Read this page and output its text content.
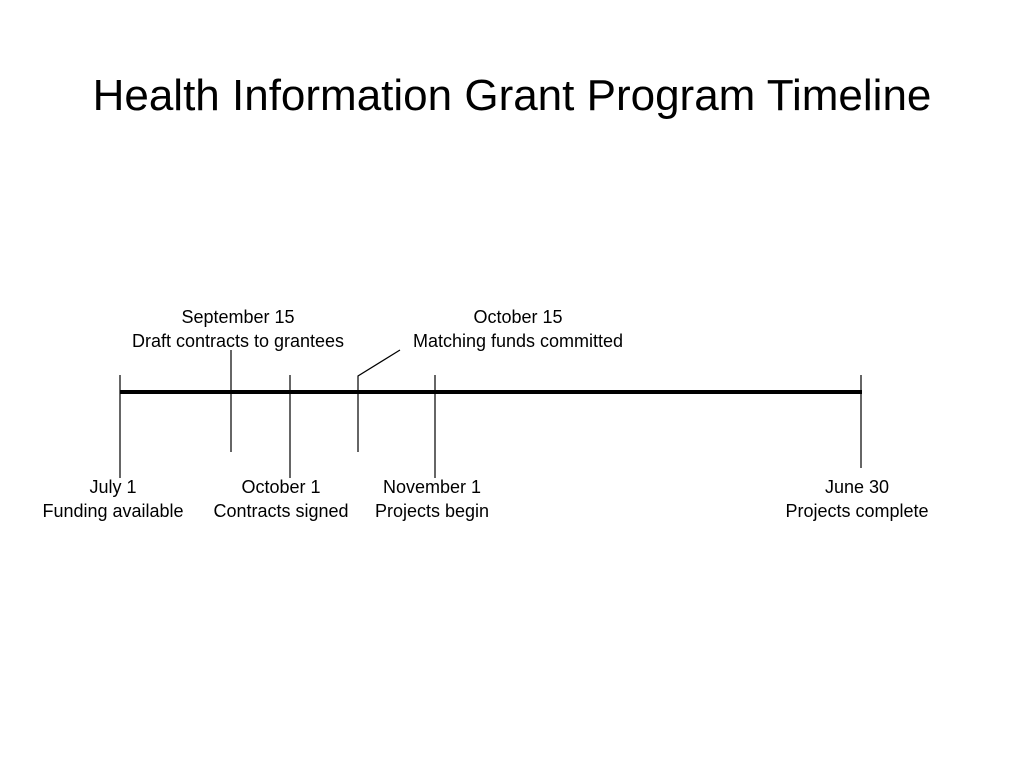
Health Information Grant Program Timeline
September 15
Draft contracts to grantees
October 15
Matching funds committed
July 1
Funding available
October 1
Contracts signed
November 1
Projects begin
June 30
Projects complete
